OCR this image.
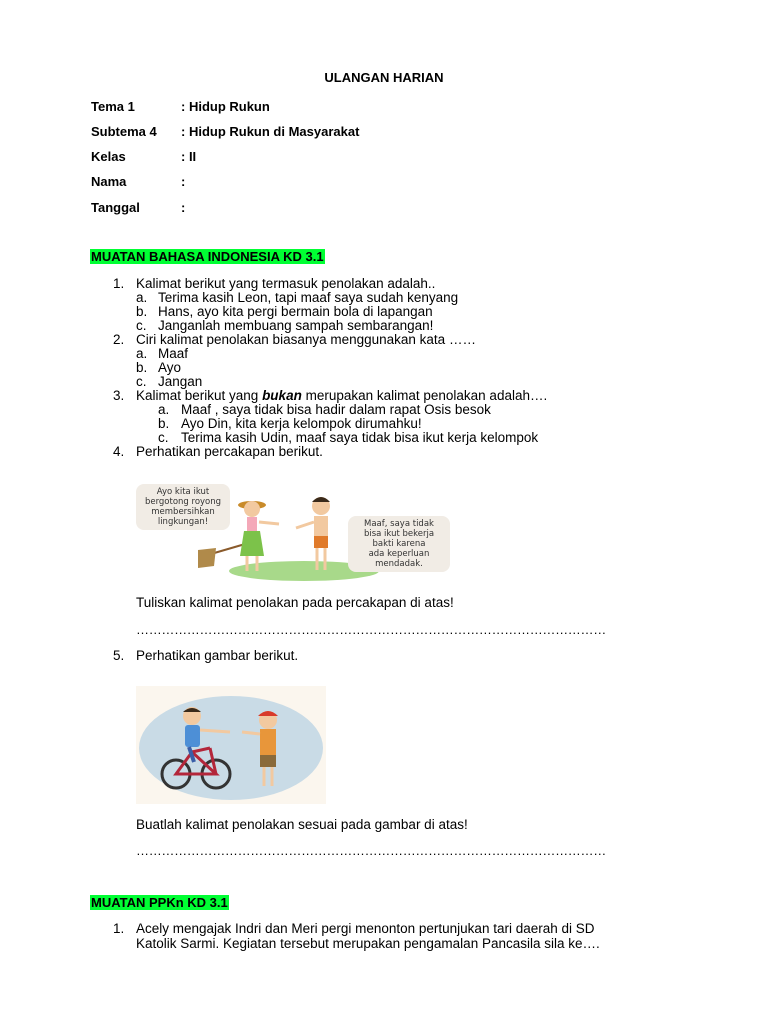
ULANGAN HARIAN
Tema 1	: Hidup Rukun
Subtema 4 : Hidup Rukun di Masyarakat
Kelas	: II
Nama	:
Tanggal	:
MUATAN BAHASA INDONESIA KD 3.1
1. Kalimat berikut yang termasuk penolakan adalah..
a. Terima kasih Leon, tapi maaf saya sudah kenyang
b. Hans, ayo kita pergi bermain bola di lapangan
c. Janganlah membuang sampah sembarangan!
2. Ciri kalimat penolakan biasanya menggunakan kata ……
a. Maaf
b. Ayo
c. Jangan
3. Kalimat berikut yang bukan merupakan kalimat penolakan adalah….
a. Maaf , saya tidak bisa hadir dalam rapat Osis besok
b. Ayo Din, kita kerja kelompok dirumahku!
c. Terima kasih Udin, maaf saya tidak bisa ikut kerja kelompok
4. Perhatikan percakapan berikut.
Ayo kita ikut
bergotong royong
membersihkan
lingkungan!	Maaf, saya tidak
bisa ikut bekerja
bakti karena
ada keperluan
mendadak.
Tuliskan kalimat penolakan pada percakapan di atas!
…………………………………………………………………………………………………
5. Perhatikan gambar berikut.
Buatlah kalimat penolakan sesuai pada gambar di atas!
…………………………………………………………………………………………………
MUATAN PPKn KD 3.1
1. Acely mengajak Indri dan Meri pergi menonton pertunjukan tari daerah di SD
Katolik Sarmi. Kegiatan tersebut merupakan pengamalan Pancasila sila ke….
